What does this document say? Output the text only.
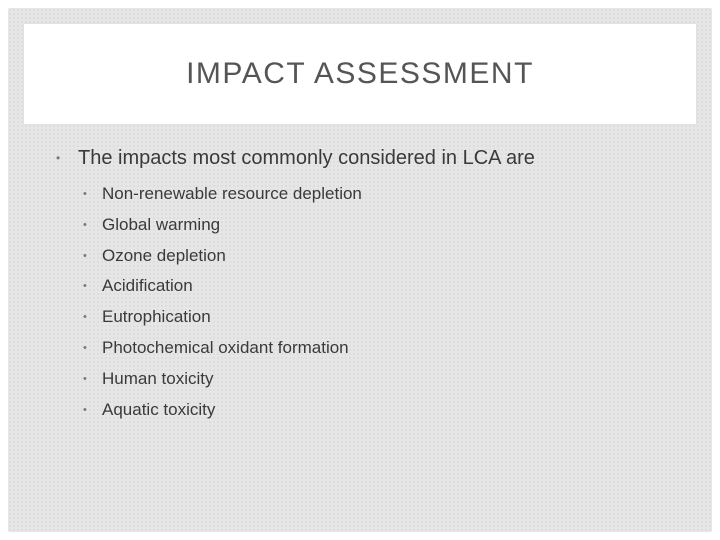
IMPACT ASSESSMENT
• The impacts most commonly considered in LCA are
• Non-renewable resource depletion
• Global warming
• Ozone depletion
• Acidification
• Eutrophication
• Photochemical oxidant formation
• Human toxicity
• Aquatic toxicity
